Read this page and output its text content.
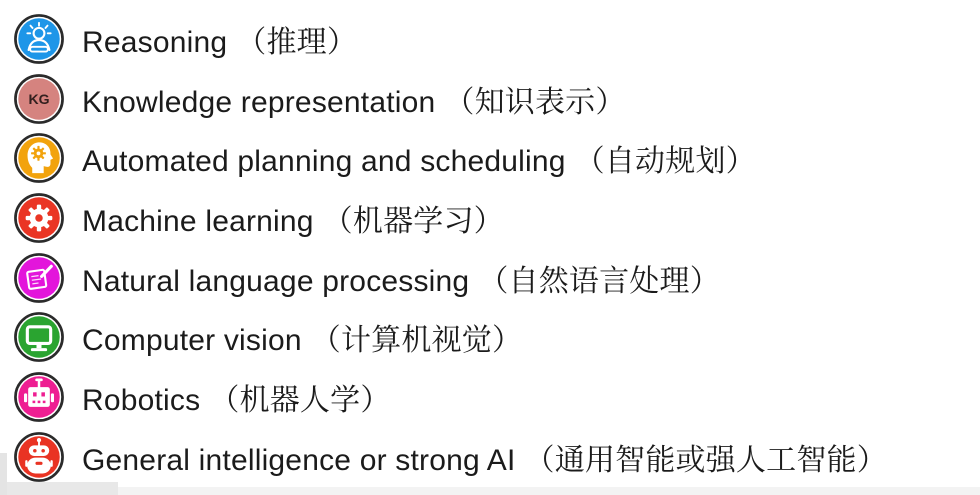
Reasoning （推理）
KG Knowledge representation （知识表示）
Automated planning and scheduling （自动规划）
Machine learning （机器学习）
Natural language processing （自然语言处理）
Computer vision （计算机视觉）
Robotics （机器人学）
General intelligence or strong AI （通用智能或强人工智能）
